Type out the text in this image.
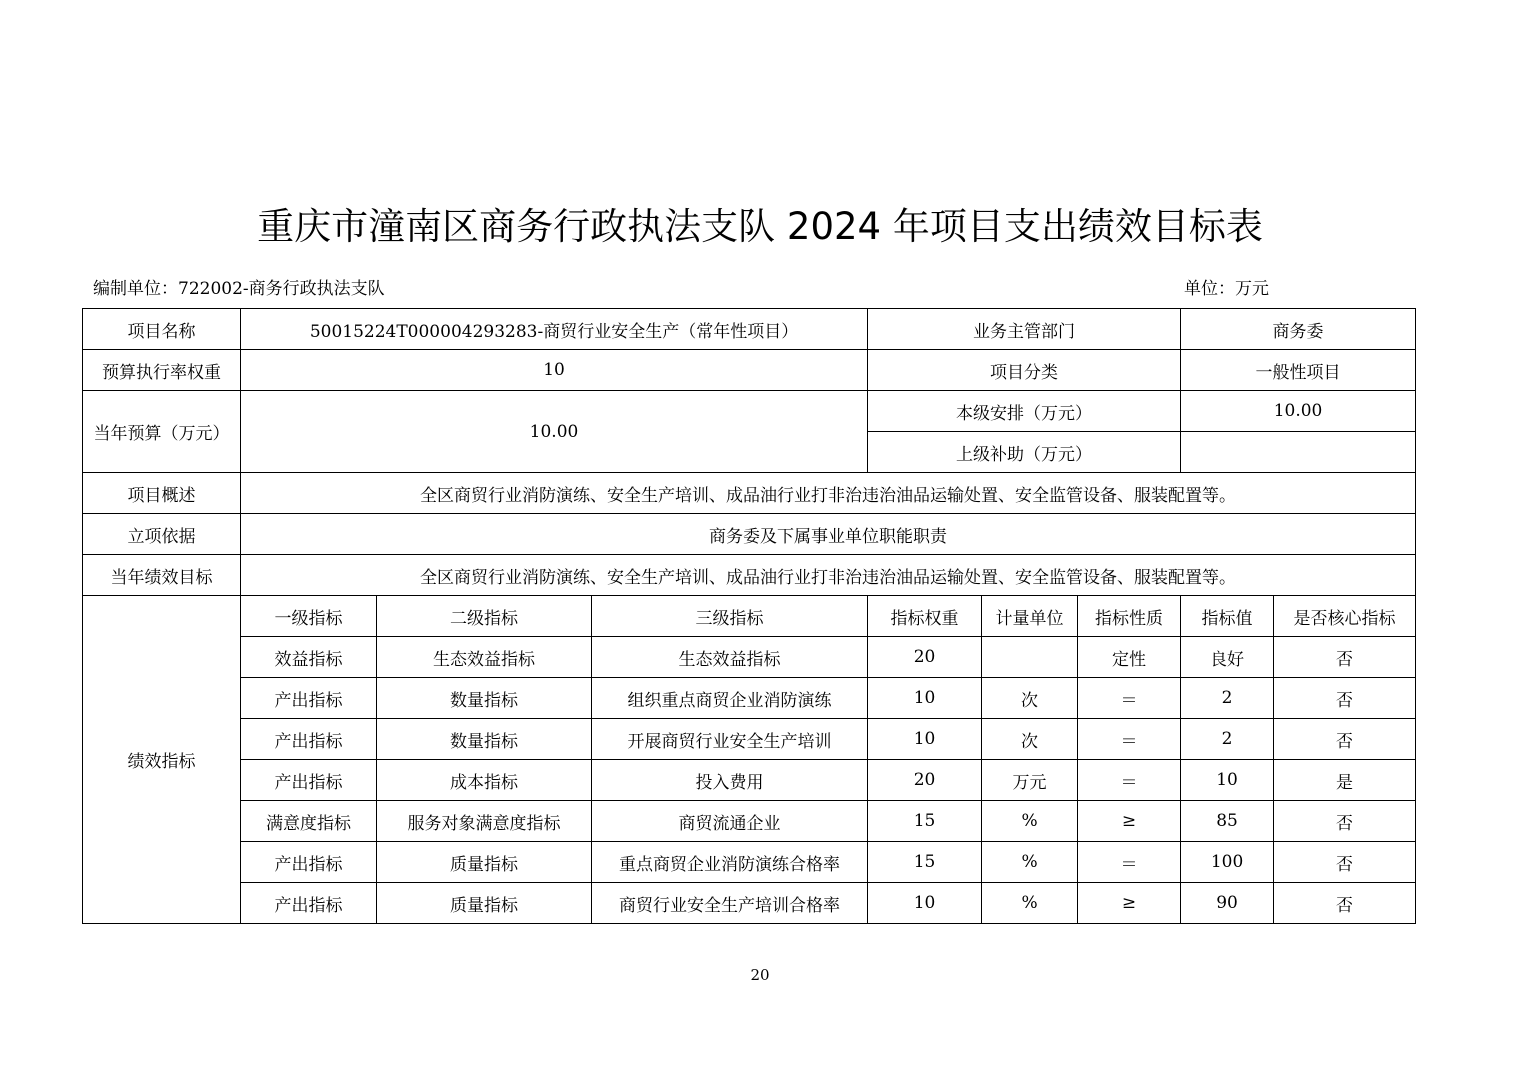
重庆市潼南区商务行政执法支队 2024 年项目支出绩效目标表
编制单位：722002-商务行政执法支队	单位：万元
项目名称	50015224T000004293283-商贸行业安全生产（常年性项目）			业务主管部门			商务委	
预算执行率权重	10			项目分类			一般性项目	
当年预算（万元）	10.00			本级安排（万元）			10.00	
				上级补助（万元）				
项目概述	全区商贸行业消防演练、安全生产培训、成品油行业打非治违治油品运输处置、安全监管设备、服装配置等。							
立项依据	商务委及下属事业单位职能职责							
当年绩效目标	全区商贸行业消防演练、安全生产培训、成品油行业打非治违治油品运输处置、安全监管设备、服装配置等。							
绩效指标	一级指标	二级指标	三级指标	指标权重	计量单位	指标性质	指标值	是否核心指标
	效益指标	生态效益指标	生态效益指标	20		定性	良好	否
	产出指标	数量指标	组织重点商贸企业消防演练	10	次	＝	2	否
	产出指标	数量指标	开展商贸行业安全生产培训	10	次	＝	2	否
	产出指标	成本指标	投入费用	20	万元	＝	10	是
	满意度指标	服务对象满意度指标	商贸流通企业	15	%	≥	85	否
	产出指标	质量指标	重点商贸企业消防演练合格率	15	%	＝	100	否
	产出指标	质量指标	商贸行业安全生产培训合格率	10	%	≥	90	否
20
